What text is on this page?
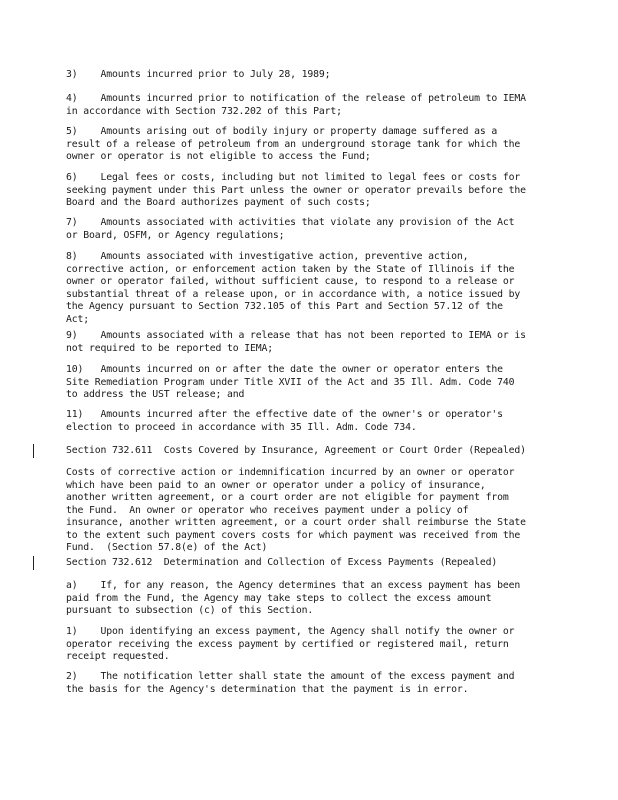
3)    Amounts incurred prior to July 28, 1989;

4)    Amounts incurred prior to notification of the release of petroleum to IEMA
in accordance with Section 732.202 of this Part;

5)    Amounts arising out of bodily injury or property damage suffered as a
result of a release of petroleum from an underground storage tank for which the
owner or operator is not eligible to access the Fund;

6)    Legal fees or costs, including but not limited to legal fees or costs for
seeking payment under this Part unless the owner or operator prevails before the
Board and the Board authorizes payment of such costs;

7)    Amounts associated with activities that violate any provision of the Act
or Board, OSFM, or Agency regulations;

8)    Amounts associated with investigative action, preventive action,
corrective action, or enforcement action taken by the State of Illinois if the
owner or operator failed, without sufficient cause, to respond to a release or
substantial threat of a release upon, or in accordance with, a notice issued by
the Agency pursuant to Section 732.105 of this Part and Section 57.12 of the
Act;

9)    Amounts associated with a release that has not been reported to IEMA or is
not required to be reported to IEMA;

10)   Amounts incurred on or after the date the owner or operator enters the
Site Remediation Program under Title XVII of the Act and 35 Ill. Adm. Code 740
to address the UST release; and

11)   Amounts incurred after the effective date of the owner's or operator's
election to proceed in accordance with 35 Ill. Adm. Code 734.

Section 732.611  Costs Covered by Insurance, Agreement or Court Order (Repealed)

Costs of corrective action or indemnification incurred by an owner or operator
which have been paid to an owner or operator under a policy of insurance,
another written agreement, or a court order are not eligible for payment from
the Fund.  An owner or operator who receives payment under a policy of
insurance, another written agreement, or a court order shall reimburse the State
to the extent such payment covers costs for which payment was received from the
Fund.  (Section 57.8(e) of the Act)

Section 732.612  Determination and Collection of Excess Payments (Repealed)

a)    If, for any reason, the Agency determines that an excess payment has been
paid from the Fund, the Agency may take steps to collect the excess amount
pursuant to subsection (c) of this Section.

1)    Upon identifying an excess payment, the Agency shall notify the owner or
operator receiving the excess payment by certified or registered mail, return
receipt requested.

2)    The notification letter shall state the amount of the excess payment and
the basis for the Agency's determination that the payment is in error.
